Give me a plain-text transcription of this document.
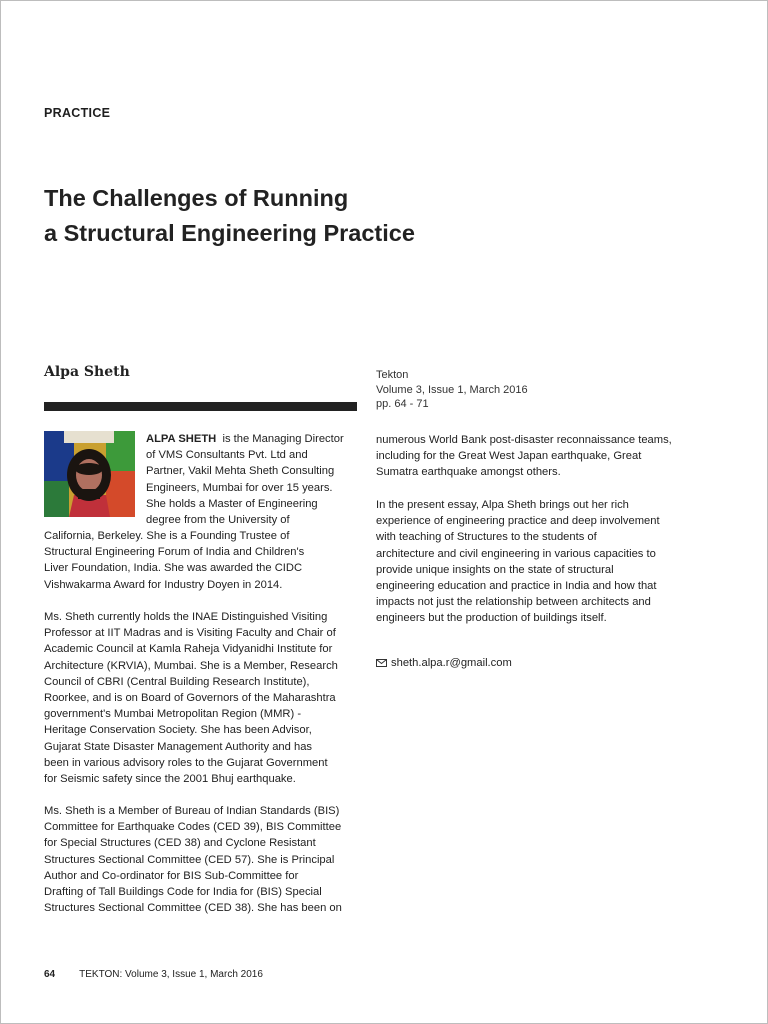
PRACTICE
The Challenges of Running
a Structural Engineering Practice
Alpa Sheth	Tekton
Volume 3, Issue 1, March 2016
pp. 64 - 71
ALPA SHETH is the Managing Director
of VMS Consultants Pvt. Ltd and
Partner, Vakil Mehta Sheth Consulting
Engineers, Mumbai for over 15 years.
She holds a Master of Engineering
degree from the University of
California, Berkeley. She is a Founding Trustee of
Structural Engineering Forum of India and Children's
Liver Foundation, India. She was awarded the CIDC
Vishwakarma Award for Industry Doyen in 2014.
Ms. Sheth currently holds the INAE Distinguished Visiting
Professor at IIT Madras and is Visiting Faculty and Chair of
Academic Council at Kamla Raheja Vidyanidhi Institute for
Architecture (KRVIA), Mumbai. She is a Member, Research
Council of CBRI (Central Building Research Institute),
Roorkee, and is on Board of Governors of the Maharashtra
government's Mumbai Metropolitan Region (MMR) -
Heritage Conservation Society. She has been Advisor,
Gujarat State Disaster Management Authority and has
been in various advisory roles to the Gujarat Government
for Seismic safety since the 2001 Bhuj earthquake.
Ms. Sheth is a Member of Bureau of Indian Standards (BIS)
Committee for Earthquake Codes (CED 39), BIS Committee
for Special Structures (CED 38) and Cyclone Resistant
Structures Sectional Committee (CED 57). She is Principal
Author and Co-ordinator for BIS Sub-Committee for
Drafting of Tall Buildings Code for India for (BIS) Special
Structures Sectional Committee (CED 38). She has been on
numerous World Bank post-disaster reconnaissance teams,
including for the Great West Japan earthquake, Great
Sumatra earthquake amongst others.
In the present essay, Alpa Sheth brings out her rich
experience of engineering practice and deep involvement
with teaching of Structures to the students of
architecture and civil engineering in various capacities to
provide unique insights on the state of structural
engineering education and practice in India and how that
impacts not just the relationship between architects and
engineers but the production of buildings itself.
sheth.alpa.r@gmail.com
64 TEKTON: Volume 3, Issue 1, March 2016
